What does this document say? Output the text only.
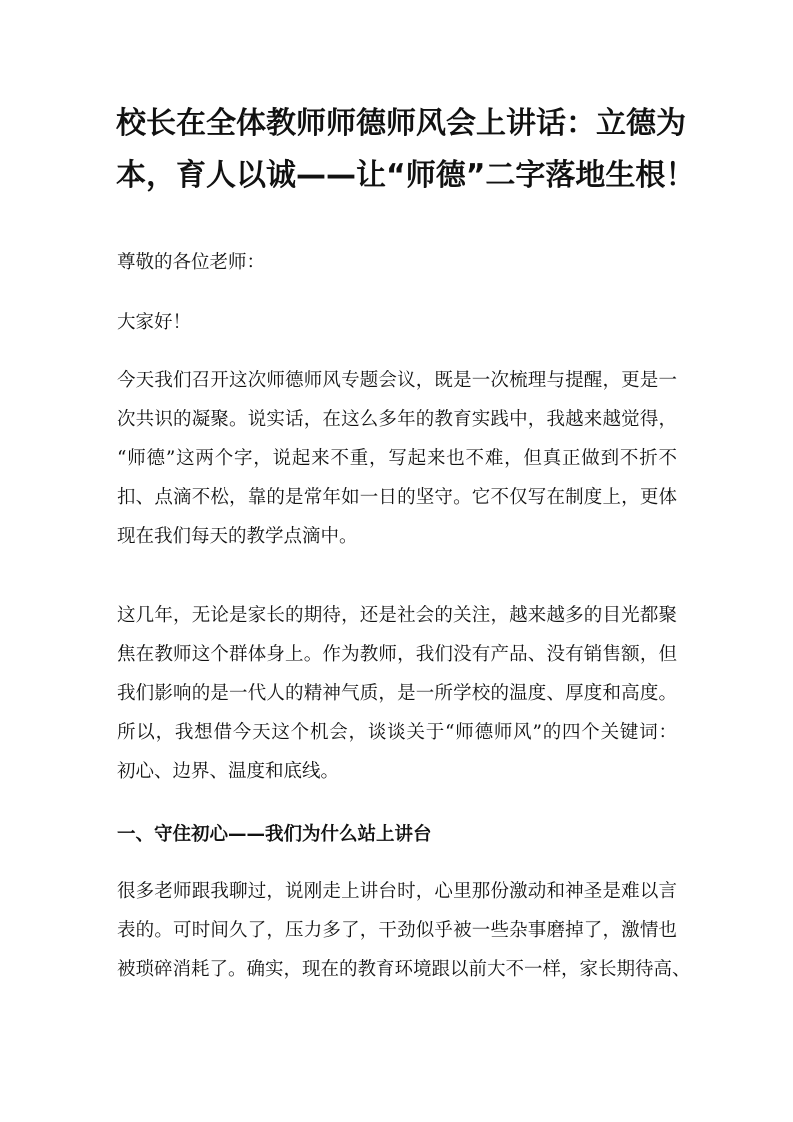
校长在全体教师师德师风会上讲话：立德为
本，育人以诚——让“师德”二字落地生根！
尊敬的各位老师：
大家好！
今天我们召开这次师德师风专题会议，既是一次梳理与提醒，更是一
次共识的凝聚。说实话，在这么多年的教育实践中，我越来越觉得，
“师德”这两个字，说起来不重，写起来也不难，但真正做到不折不
扣、点滴不松，靠的是常年如一日的坚守。它不仅写在制度上，更体
现在我们每天的教学点滴中。
这几年，无论是家长的期待，还是社会的关注，越来越多的目光都聚
焦在教师这个群体身上。作为教师，我们没有产品、没有销售额，但
我们影响的是一代人的精神气质，是一所学校的温度、厚度和高度。
所以，我想借今天这个机会，谈谈关于“师德师风”的四个关键词：
初心、边界、温度和底线。
一、守住初心——我们为什么站上讲台
很多老师跟我聊过，说刚走上讲台时，心里那份激动和神圣是难以言
表的。可时间久了，压力多了，干劲似乎被一些杂事磨掉了，激情也
被琐碎消耗了。确实，现在的教育环境跟以前大不一样，家长期待高、
